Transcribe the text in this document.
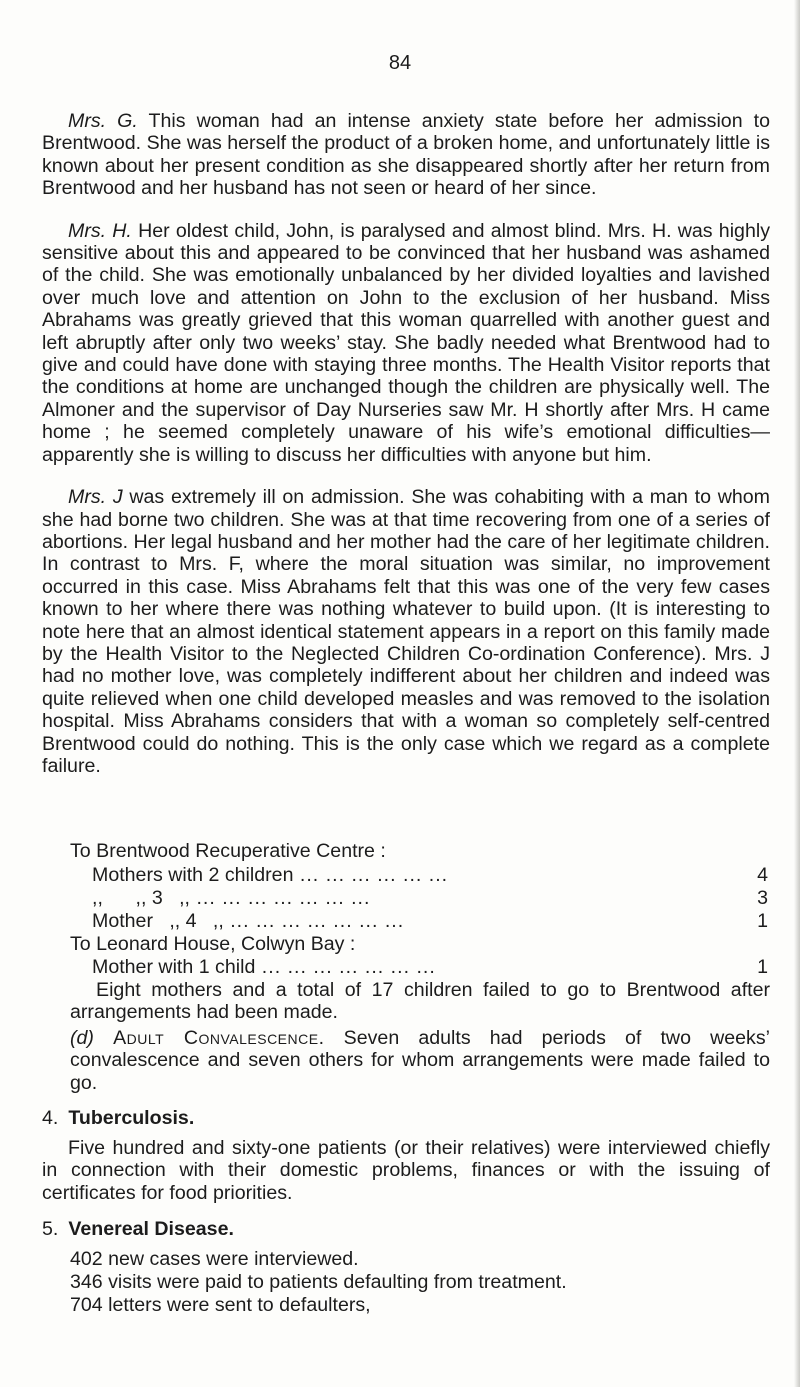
84

Mrs. G. This woman had an intense anxiety state before her admission to Brentwood. She was herself the product of a broken home, and unfortunately little is known about her present condition as she disappeared shortly after her return from Brentwood and her husband has not seen or heard of her since.

Mrs. H. Her oldest child, John, is paralysed and almost blind. Mrs. H. was highly sensitive about this and appeared to be convinced that her husband was ashamed of the child. She was emotionally unbalanced by her divided loyalties and lavished over much love and attention on John to the exclusion of her husband. Miss Abrahams was greatly grieved that this woman quarrelled with another guest and left abruptly after only two weeks’ stay. She badly needed what Brentwood had to give and could have done with staying three months. The Health Visitor reports that the conditions at home are unchanged though the children are physically well. The Almoner and the supervisor of Day Nurseries saw Mr. H shortly after Mrs. H came home ; he seemed completely unaware of his wife’s emotional difficulties—apparently she is willing to discuss her difficulties with anyone but him.

Mrs. J was extremely ill on admission. She was cohabiting with a man to whom she had borne two children. She was at that time recovering from one of a series of abortions. Her legal husband and her mother had the care of her legitimate children. In contrast to Mrs. F, where the moral situation was similar, no improvement occurred in this case. Miss Abrahams felt that this was one of the very few cases known to her where there was nothing whatever to build upon. (It is interesting to note here that an almost identical statement appears in a report on this family made by the Health Visitor to the Neglected Children Co-ordination Conference). Mrs. J had no mother love, was completely indifferent about her children and indeed was quite relieved when one child developed measles and was removed to the isolation hospital. Miss Abrahams considers that with a woman so completely self-centred Brentwood could do nothing. This is the only case which we regard as a complete failure.

To Brentwood Recuperative Centre :
Mothers with 2 children ... ... ... ... ... ...	4
,,      ,, 3   ,, ... ... ... ... ... ... ...	3
Mother   ,, 4   ,, ... ... ... ... ... ... ...	1
To Leonard House, Colwyn Bay :
Mother with 1 child ... ... ... ... ... ... ...	1

Eight mothers and a total of 17 children failed to go to Brentwood after arrangements had been made.

(d) Adult Convalescence. Seven adults had periods of two weeks’ convalescence and seven others for whom arrangements were made failed to go.

4. Tuberculosis.

Five hundred and sixty-one patients (or their relatives) were interviewed chiefly in connection with their domestic problems, finances or with the issuing of certificates for food priorities.

5. Venereal Disease.
402 new cases were interviewed.
346 visits were paid to patients defaulting from treatment.
704 letters were sent to defaulters,
